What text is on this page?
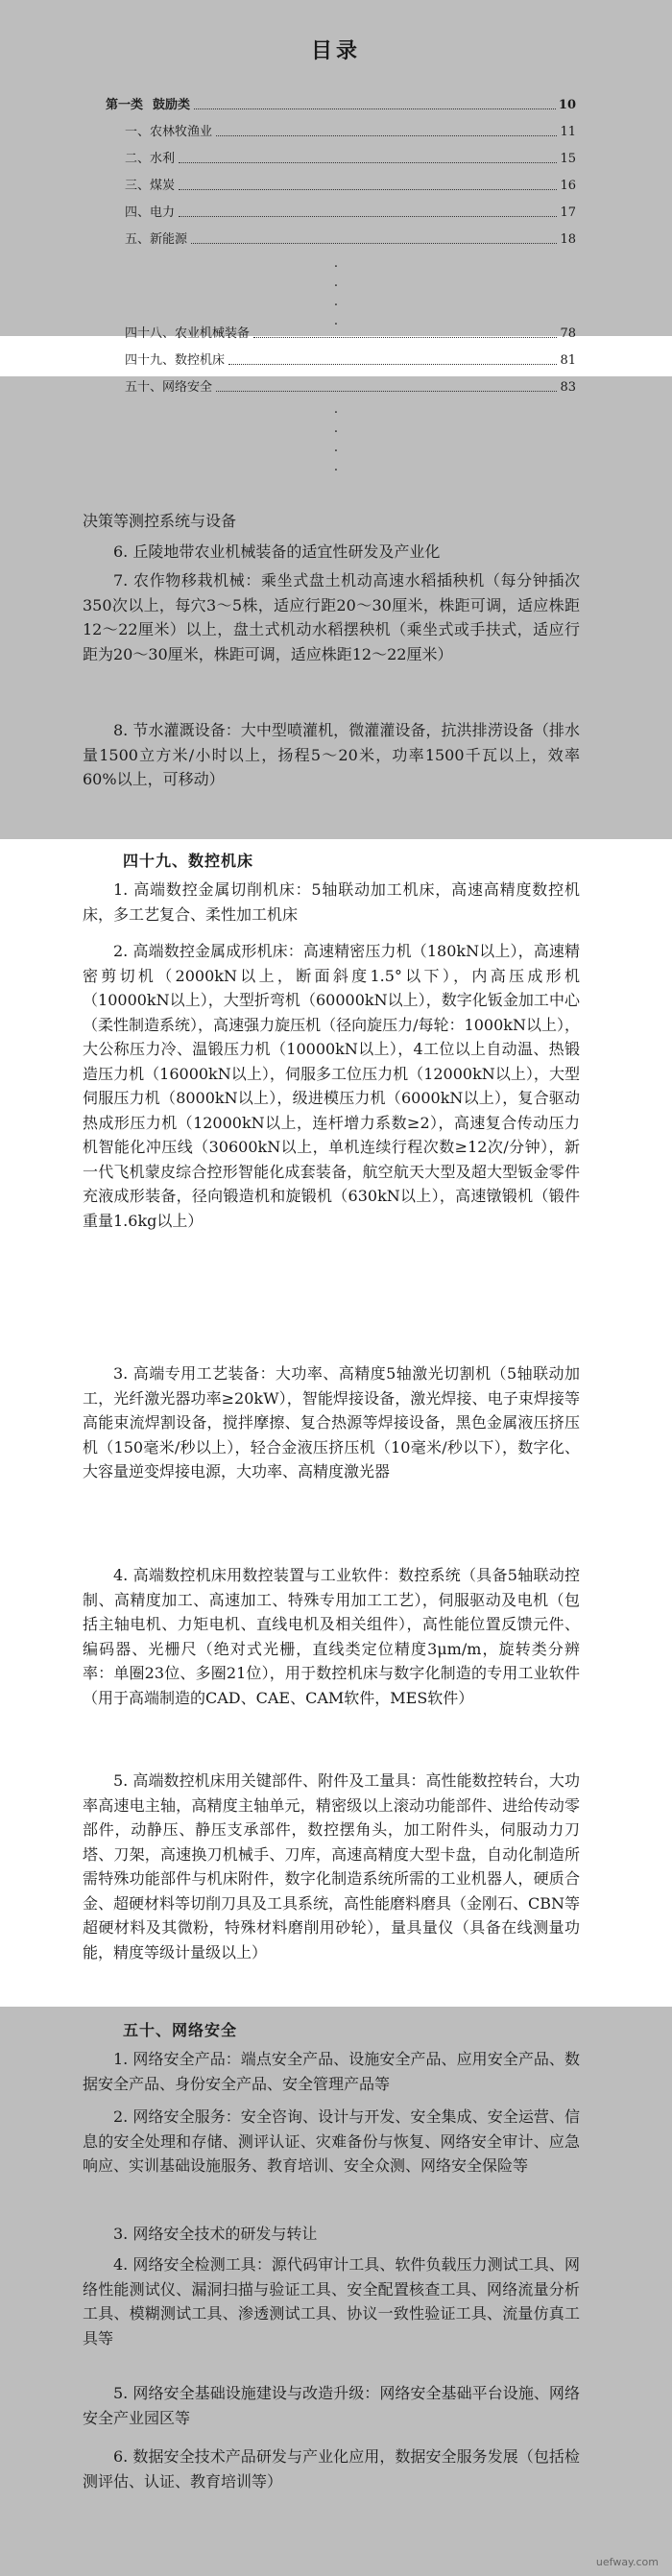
目录
第一类 鼓励类	10
一、农林牧渔业	11
二、水利	15
三、煤炭	16
四、电力	17
五、新能源	18
·
·
·
·
四十八、农业机械装备	78
四十九、数控机床	81
五十、网络安全	83
·
·
·
·
决策等测控系统与设备
6. 丘陵地带农业机械装备的适宜性研发及产业化
7. 农作物移栽机械：乘坐式盘土机动高速水稻插秧机（每分钟插次350次以上，每穴3～5株，适应行距20～30厘米，株距可调，适应株距12～22厘米）以上，盘土式机动水稻摆秧机（乘坐式或手扶式，适应行距为20～30厘米，株距可调，适应株距12～22厘米）
8. 节水灌溉设备：大中型喷灌机，微灌灌设备，抗洪排涝设备（排水量1500立方米/小时以上，扬程5～20米，功率1500千瓦以上，效率60%以上，可移动）
四十九、数控机床
1. 高端数控金属切削机床：5轴联动加工机床，高速高精度数控机床，多工艺复合、柔性加工机床
2. 高端数控金属成形机床：高速精密压力机（180kN以上），高速精密剪切机（2000kN以上，断面斜度1.5°以下），内高压成形机（10000kN以上），大型折弯机（60000kN以上），数字化钣金加工中心（柔性制造系统），高速强力旋压机（径向旋压力/每轮：1000kN以上），大公称压力冷、温锻压力机（10000kN以上），4工位以上自动温、热锻造压力机（16000kN以上），伺服多工位压力机（12000kN以上），大型伺服压力机（8000kN以上），级进模压力机（6000kN以上），复合驱动热成形压力机（12000kN以上，连杆增力系数≥2），高速复合传动压力机智能化冲压线（30600kN以上，单机连续行程次数≥12次/分钟），新一代飞机蒙皮综合控形智能化成套装备，航空航天大型及超大型钣金零件充液成形装备，径向锻造机和旋锻机（630kN以上），高速镦锻机（锻件重量1.6kg以上）
3. 高端专用工艺装备：大功率、高精度5轴激光切割机（5轴联动加工，光纤激光器功率≥20kW），智能焊接设备，激光焊接、电子束焊接等高能束流焊割设备，搅拌摩擦、复合热源等焊接设备，黑色金属液压挤压机（150毫米/秒以上），轻合金液压挤压机（10毫米/秒以下），数字化、大容量逆变焊接电源，大功率、高精度激光器
4. 高端数控机床用数控装置与工业软件：数控系统（具备5轴联动控制、高精度加工、高速加工、特殊专用加工工艺），伺服驱动及电机（包括主轴电机、力矩电机、直线电机及相关组件），高性能位置反馈元件、编码器、光栅尺（绝对式光栅，直线类定位精度3μm/m，旋转类分辨率：单圈23位、多圈21位），用于数控机床与数字化制造的专用工业软件（用于高端制造的CAD、CAE、CAM软件，MES软件）
5. 高端数控机床用关键部件、附件及工量具：高性能数控转台，大功率高速电主轴，高精度主轴单元，精密级以上滚动功能部件、进给传动零部件，动静压、静压支承部件，数控摆角头，加工附件头，伺服动力刀塔、刀架，高速换刀机械手、刀库，高速高精度大型卡盘，自动化制造所需特殊功能部件与机床附件，数字化制造系统所需的工业机器人，硬质合金、超硬材料等切削刀具及工具系统，高性能磨料磨具（金刚石、CBN等超硬材料及其微粉，特殊材料磨削用砂轮），量具量仪（具备在线测量功能，精度等级计量级以上）
五十、网络安全
1. 网络安全产品：端点安全产品、设施安全产品、应用安全产品、数据安全产品、身份安全产品、安全管理产品等
2. 网络安全服务：安全咨询、设计与开发、安全集成、安全运营、信息的安全处理和存储、测评认证、灾难备份与恢复、网络安全审计、应急响应、实训基础设施服务、教育培训、安全众测、网络安全保险等
3. 网络安全技术的研发与转让
4. 网络安全检测工具：源代码审计工具、软件负载压力测试工具、网络性能测试仪、漏洞扫描与验证工具、安全配置核查工具、网络流量分析工具、模糊测试工具、渗透测试工具、协议一致性验证工具、流量仿真工具等
5. 网络安全基础设施建设与改造升级：网络安全基础平台设施、网络安全产业园区等
6. 数据安全技术产品研发与产业化应用，数据安全服务发展（包括检测评估、认证、教育培训等）
uefway.com
